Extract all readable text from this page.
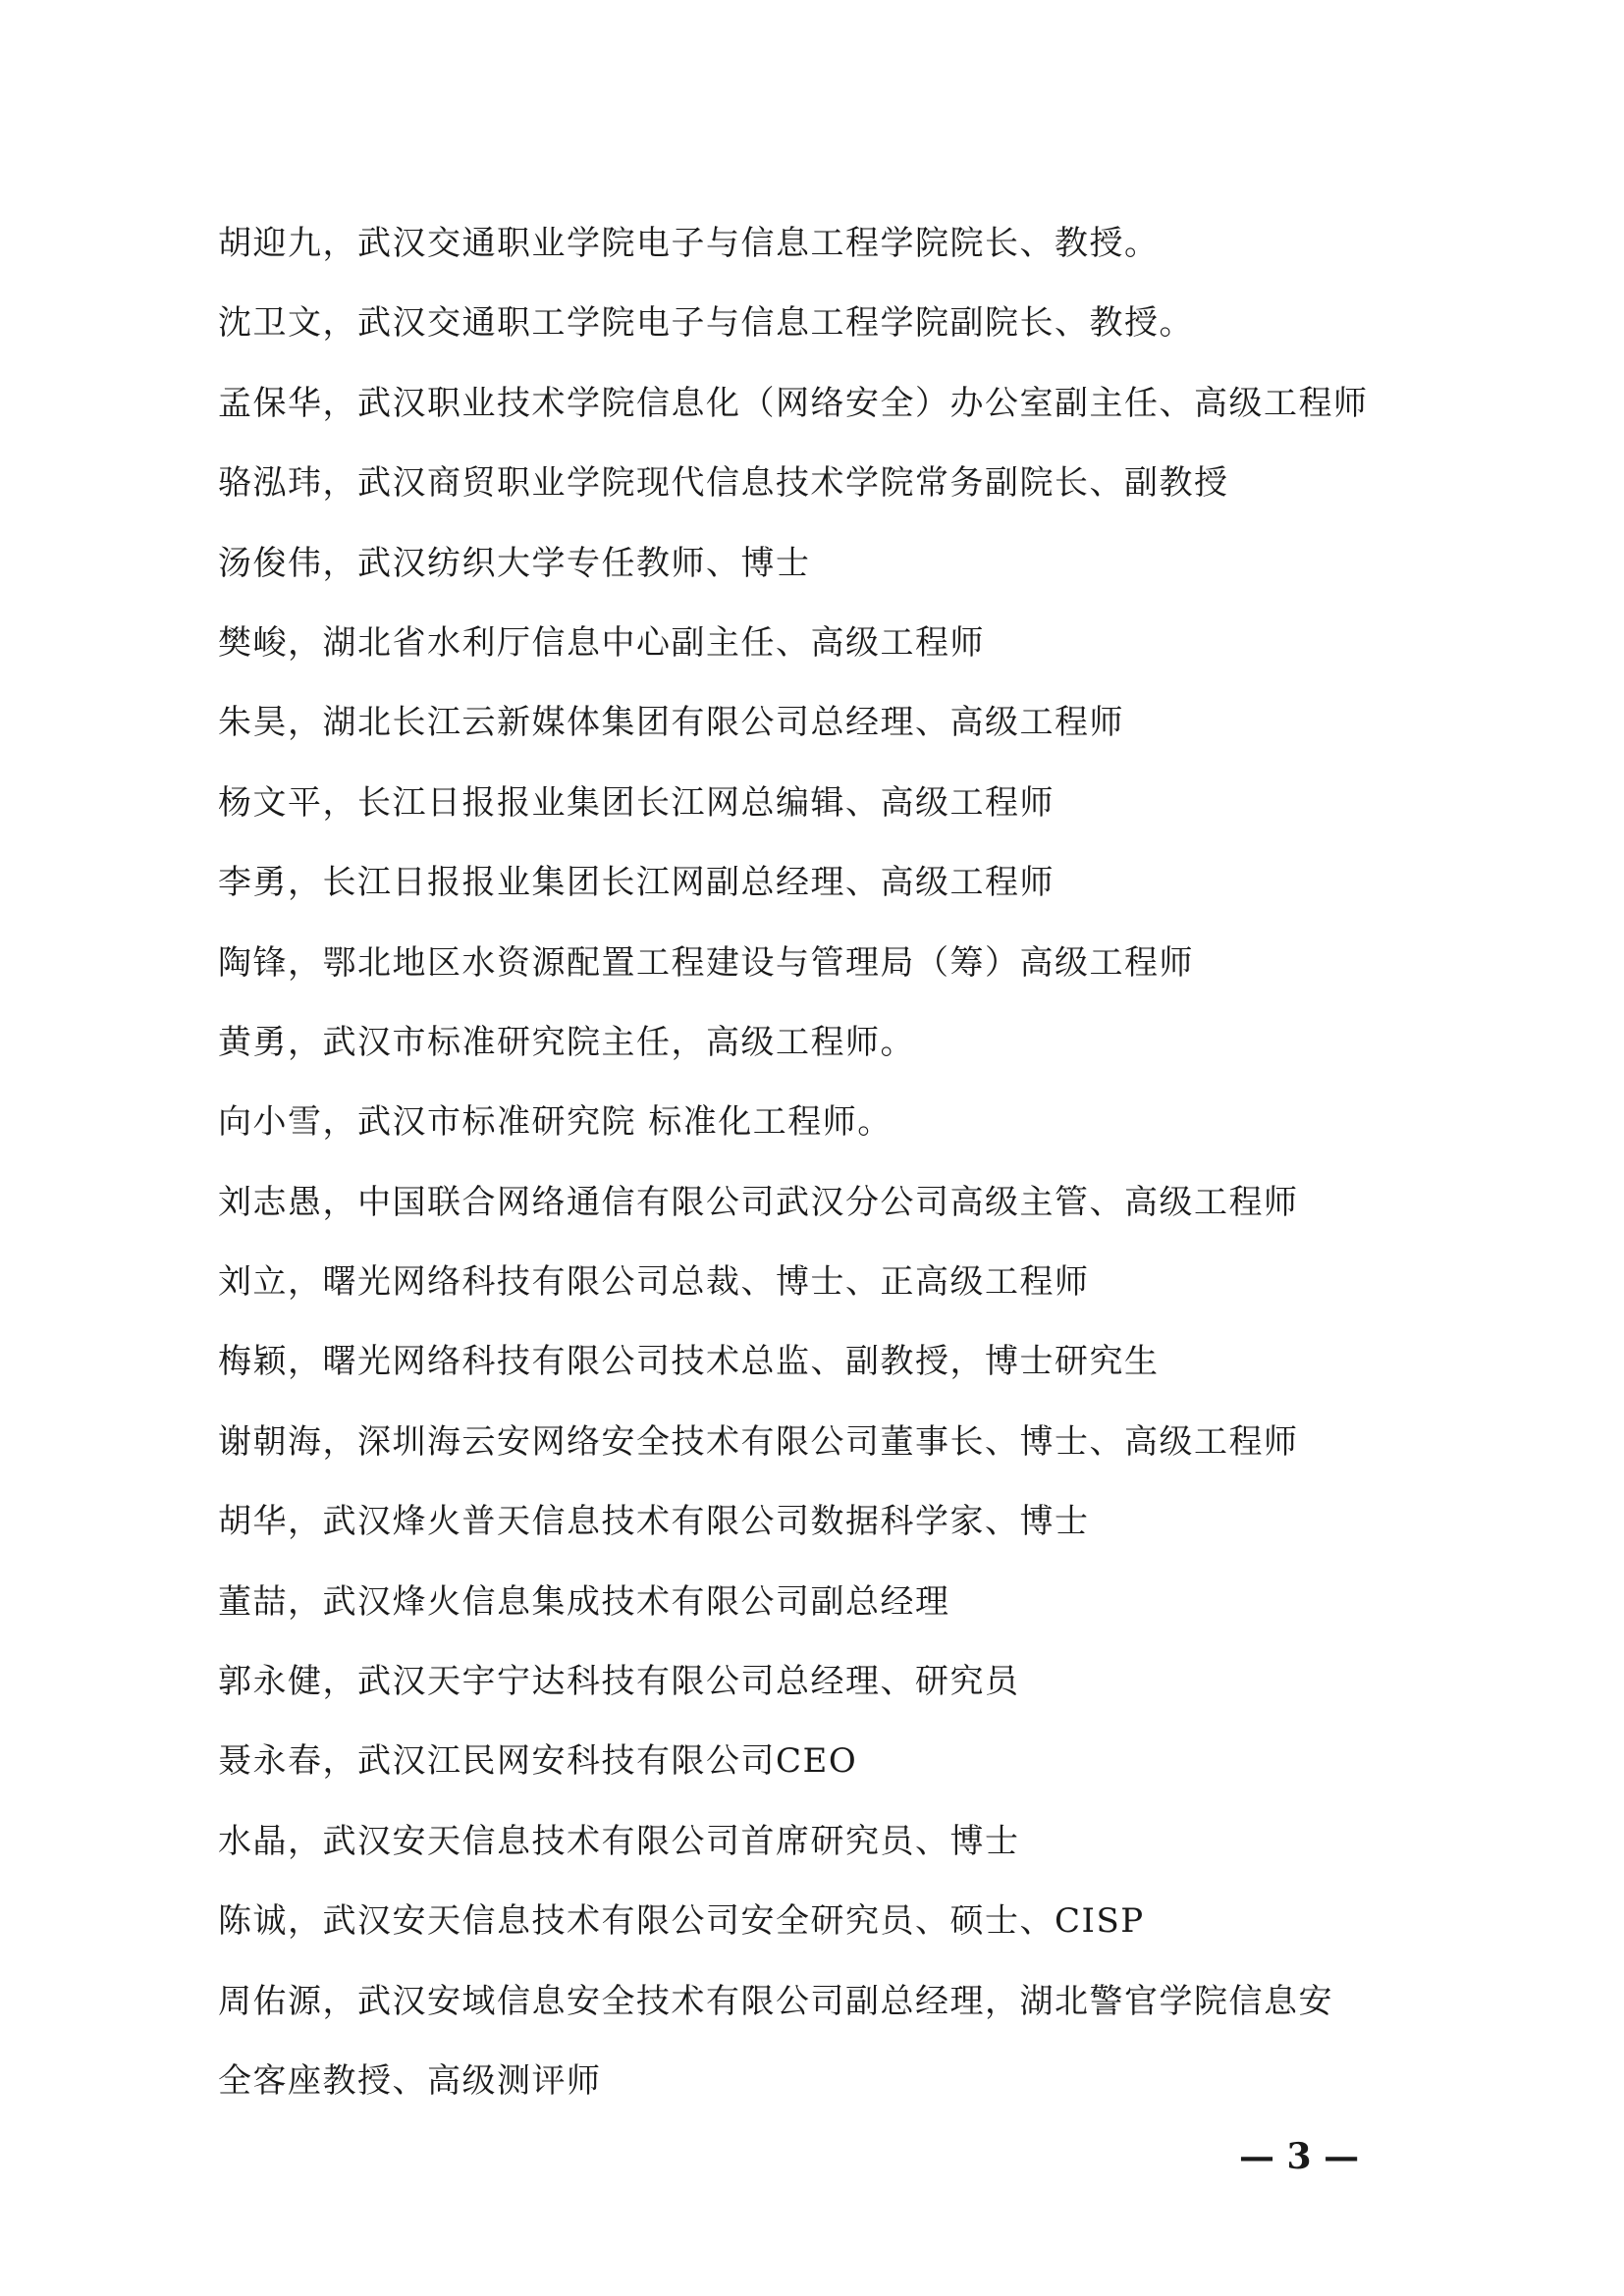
胡迎九，武汉交通职业学院电子与信息工程学院院长、教授。
沈卫文，武汉交通职工学院电子与信息工程学院副院长、教授。
孟保华，武汉职业技术学院信息化（网络安全）办公室副主任、高级工程师
骆泓玮，武汉商贸职业学院现代信息技术学院常务副院长、副教授
汤俊伟，武汉纺织大学专任教师、博士
樊峻，湖北省水利厅信息中心副主任、高级工程师
朱昊，湖北长江云新媒体集团有限公司总经理、高级工程师
杨文平，长江日报报业集团长江网总编辑、高级工程师
李勇，长江日报报业集团长江网副总经理、高级工程师
陶锋，鄂北地区水资源配置工程建设与管理局（筹）高级工程师
黄勇，武汉市标准研究院主任，高级工程师。
向小雪，武汉市标准研究院 标准化工程师。
刘志愚，中国联合网络通信有限公司武汉分公司高级主管、高级工程师
刘立，曙光网络科技有限公司总裁、博士、正高级工程师
梅颖，曙光网络科技有限公司技术总监、副教授，博士研究生
谢朝海，深圳海云安网络安全技术有限公司董事长、博士、高级工程师
胡华，武汉烽火普天信息技术有限公司数据科学家、博士
董喆，武汉烽火信息集成技术有限公司副总经理
郭永健，武汉天宇宁达科技有限公司总经理、研究员
聂永春，武汉江民网安科技有限公司CEO
水晶，武汉安天信息技术有限公司首席研究员、博士
陈诚，武汉安天信息技术有限公司安全研究员、硕士、CISP
周佑源，武汉安域信息安全技术有限公司副总经理，湖北警官学院信息安
全客座教授、高级测评师
— 3 —
